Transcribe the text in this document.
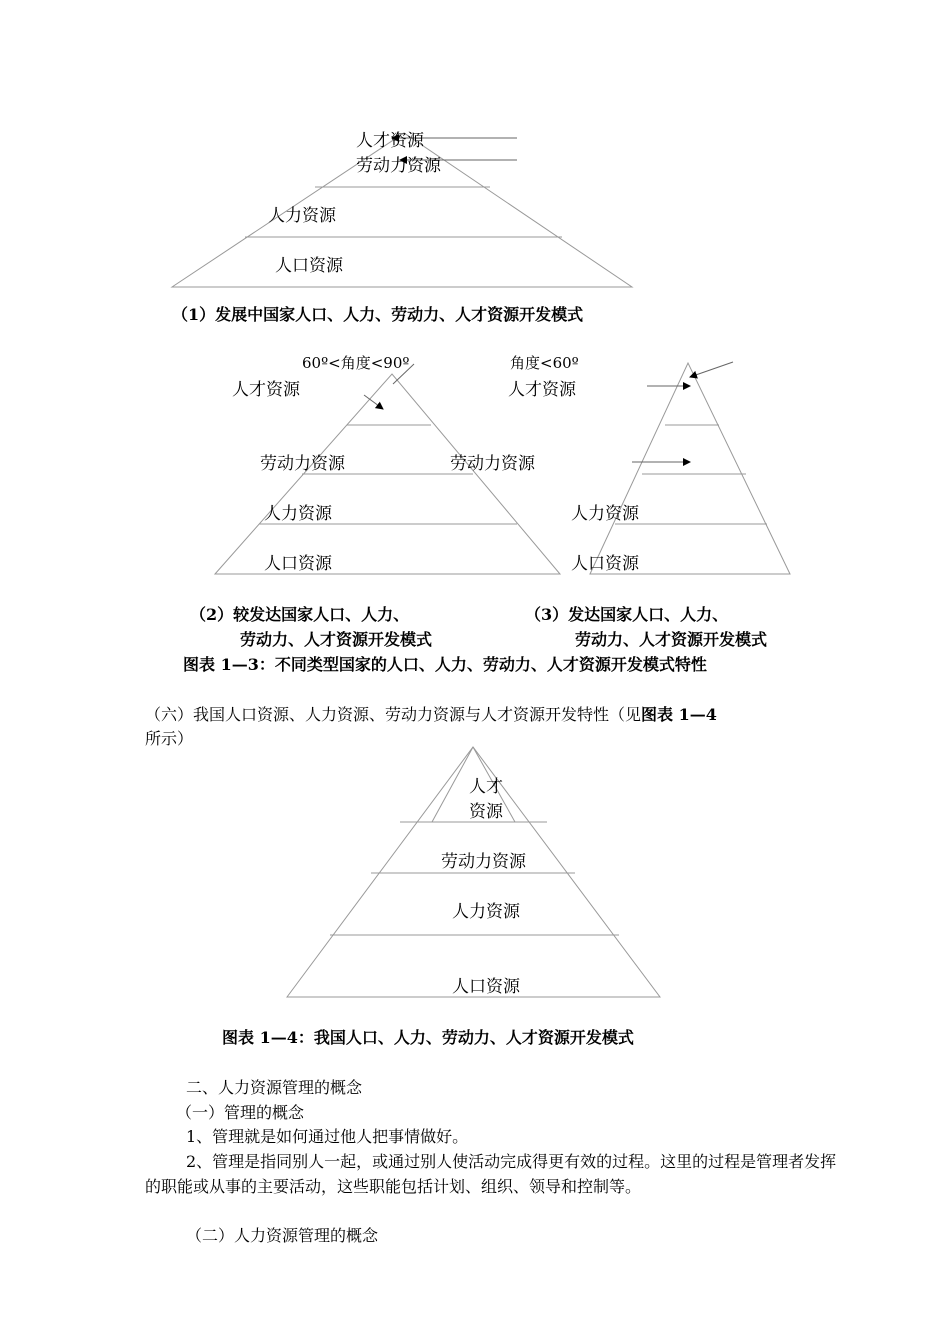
人才资源
劳动力资源
人力资源
人口资源
60º<角度<90º
人才资源
劳动力资源	劳动力资源
人力资源
人口资源
角度<60º
人才资源
人力资源
人口资源
人才
资源
劳动力资源
人力资源
人口资源
（1）发展中国家人口、人力、劳动力、人才资源开发模式
（2）较发达国家人口、人力、
劳动力、人才资源开发模式
（3）发达国家人口、人力、
劳动力、人才资源开发模式
图表 1—3：不同类型国家的人口、人力、劳动力、人才资源开发模式特性
（六）我国人口资源、人力资源、劳动力资源与人才资源开发特性（见图表 1—4
所示）
图表 1—4：我国人口、人力、劳动力、人才资源开发模式
二、人力资源管理的概念
（一）管理的概念
1、管理就是如何通过他人把事情做好。
2、管理是指同别人一起，或通过别人使活动完成得更有效的过程。这里的过程是管理者发挥的职能或从事的主要活动，这些职能包括计划、组织、领导和控制等。
（二）人力资源管理的概念
